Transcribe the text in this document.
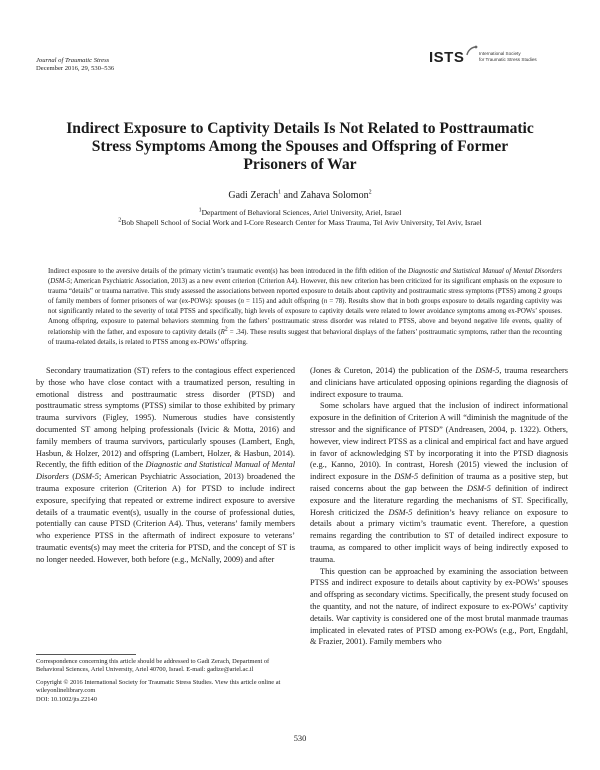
Journal of Traumatic Stress
December 2016, 29, 530–536
ISTS	International Society
for Traumatic Stress Studies
Indirect Exposure to Captivity Details Is Not Related to Posttraumatic Stress Symptoms Among the Spouses and Offspring of Former Prisoners of War
Gadi Zerach$^1$ and Zahava Solomon$^2$
$^1$Department of Behavioral Sciences, Ariel University, Ariel, Israel
$^2$Bob Shapell School of Social Work and I-Core Research Center for Mass Trauma, Tel Aviv University, Tel Aviv, Israel
Indirect exposure to the aversive details of the primary victim’s traumatic event(s) has been introduced in the fifth edition of the Diagnostic and Statistical Manual of Mental Disorders (DSM-5; American Psychiatric Association, 2013) as a new event criterion (Criterion A4). However, this new criterion has been criticized for its significant emphasis on the exposure to trauma “details” or trauma narrative. This study assessed the associations between reported exposure to details about captivity and posttraumatic stress symptoms (PTSS) among 2 groups of family members of former prisoners of war (ex-POWs): spouses (n = 115) and adult offspring (n = 78). Results show that in both groups exposure to details regarding captivity was not significantly related to the severity of total PTSS and specifically, high levels of exposure to captivity details were related to lower avoidance symptoms among ex-POWs’ spouses. Among offspring, exposure to paternal behaviors stemming from the fathers’ posttraumatic stress disorder was related to PTSS, above and beyond negative life events, quality of relationship with the father, and exposure to captivity details $(R^2 = .34)$. These results suggest that behavioral displays of the fathers’ posttraumatic symptoms, rather than the recounting of trauma-related details, is related to PTSS among ex-POWs’ offspring.

Secondary traumatization (ST) refers to the contagious effect experienced by those who have close contact with a traumatized person, resulting in emotional distress and posttraumatic stress disorder (PTSD) and posttraumatic stress symptoms (PTSS) similar to those exhibited by primary trauma survivors (Figley, 1995). Numerous studies have consistently documented ST among helping professionals (Ivicic & Motta, 2016) and family members of trauma survivors, particularly spouses (Lambert, Engh, Hasbun, & Holzer, 2012) and offspring (Lambert, Holzer, & Hasbun, 2014). Recently, the fifth edition of the Diagnostic and Statistical Manual of Mental Disorders (DSM-5; American Psychiatric Association, 2013) broadened the trauma exposure criterion (Criterion A) for PTSD to include indirect exposure, specifying that repeated or extreme indirect exposure to aversive details of a traumatic event(s), usually in the course of professional duties, potentially can cause PTSD (Criterion A4). Thus, veterans’ family members who experience PTSS in the aftermath of indirect exposure to veterans’ traumatic events(s) may meet the criteria for PTSD, and the concept of ST is no longer needed. However, both before (e.g., McNally, 2009) and after

(Jones & Cureton, 2014) the publication of the DSM-5, trauma researchers and clinicians have articulated opposing opinions regarding the diagnosis of indirect exposure to trauma.

Some scholars have argued that the inclusion of indirect informational exposure in the definition of Criterion A will “diminish the magnitude of the stressor and the significance of PTSD” (Andreasen, 2004, p. 1322). Others, however, view indirect PTSS as a clinical and empirical fact and have argued in favor of acknowledging ST by incorporating it into the PTSD diagnosis (e.g., Kanno, 2010). In contrast, Horesh (2015) viewed the inclusion of indirect exposure in the DSM-5 definition of trauma as a positive step, but raised concerns about the gap between the DSM-5 definition of indirect exposure and the literature regarding the mechanisms of ST. Specifically, Horesh criticized the DSM-5 definition’s heavy reliance on exposure to details about a primary victim’s traumatic event. Therefore, a question remains regarding the contribution to ST of detailed indirect exposure to trauma, as compared to other implicit ways of being indirectly exposed to trauma.

This question can be approached by examining the association between PTSS and indirect exposure to details about captivity by ex-POWs’ spouses and offspring as secondary victims. Specifically, the present study focused on the quantity, and not the nature, of indirect exposure to ex-POWs’ captivity details. War captivity is considered one of the most brutal manmade traumas implicated in elevated rates of PTSD among ex-POWs (e.g., Port, Engdahl, & Frazier, 2001). Family members who

Correspondence concerning this article should be addressed to Gadi Zerach, Department of Behavioral Sciences, Ariel University, Ariel 40700, Israel. E-mail: gadize@ariel.ac.il

Copyright © 2016 International Society for Traumatic Stress Studies. View this article online at wileyonlinelibrary.com
DOI: 10.1002/jts.22140

530
